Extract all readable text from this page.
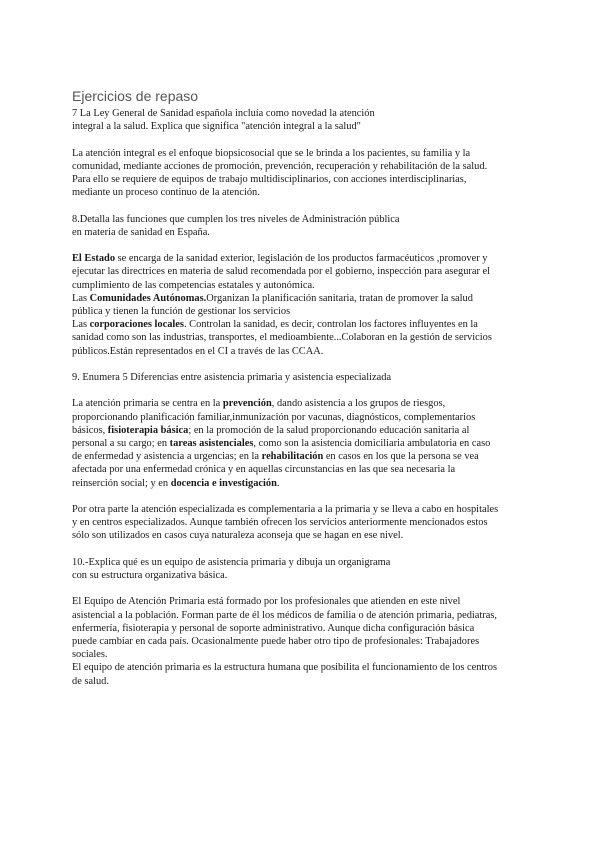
Ejercicios de repaso
7 La Ley General de Sanidad española incluía como novedad la atención
integral a la salud. Explica que significa "atención integral a la salud"
La atención integral es el enfoque biopsicosocial que se le brinda a los pacientes, su familia y la
comunidad, mediante acciones de promoción, prevención, recuperación y rehabilitación de la salud.
Para ello se requiere de equipos de trabajo multidisciplinarios, con acciones interdisciplinarias,
mediante un proceso continuo de la atención.
8.Detalla las funciones que cumplen los tres niveles de Administración pública
en materia de sanidad en España.
El Estado se encarga de la sanidad exterior, legislación de los productos farmacéuticos ,promover y
ejecutar las directrices en materia de salud recomendada por el gobierno, inspección para asegurar el
cumplimiento de las competencias estatales y autonómica.
Las Comunidades Autónomas.Organizan la planificación sanitaria, tratan de promover la salud
pública y tienen la función de gestionar los servicios
Las corporaciones locales. Controlan la sanidad, es decir, controlan los factores influyentes en la
sanidad como son las industrias, transportes, el medioambiente...Colaboran en la gestión de servicios
públicos.Están representados en el CI a través de las CCAA.
9. Enumera 5 Diferencias entre asistencia primaria y asistencia especializada
La atención primaria se centra en la prevención, dando asistencia a los grupos de riesgos,
proporcionando planificación familiar,inmunización por vacunas, diagnósticos, complementarios
básicos, fisioterapia básica; en la promoción de la salud proporcionando educación sanitaria al
personal a su cargo; en tareas asistenciales, como son la asistencia domiciliaria ambulatoria en caso
de enfermedad y asistencia a urgencias; en la rehabilitación en casos en los que la persona se vea
afectada por una enfermedad crónica y en aquellas circunstancias en las que sea necesaria la
reinserción social; y en docencia e investigación.
Por otra parte la atención especializada es complementaria a la primaria y se lleva a cabo en hospitales
y en centros especializados. Aunque también ofrecen los servicios anteriormente mencionados estos
sólo son utilizados en casos cuya naturaleza aconseja que se hagan en ese nivel.
10.-Explica qué es un equipo de asistencia primaria y dibuja un organigrama
con su estructura organizativa básica.
El Equipo de Atención Primaria está formado por los profesionales que atienden en este nivel
asistencial a la población. Forman parte de él los médicos de familia o de atención primaria, pediatras,
enfermería, fisioterapia y personal de soporte administrativo. Aunque dicha configuración básica
puede cambiar en cada país. Ocasionalmente puede haber otro tipo de profesionales: Trabajadores
sociales.
El equipo de atención primaria es la estructura humana que posibilita el funcionamiento de los centros
de salud.
